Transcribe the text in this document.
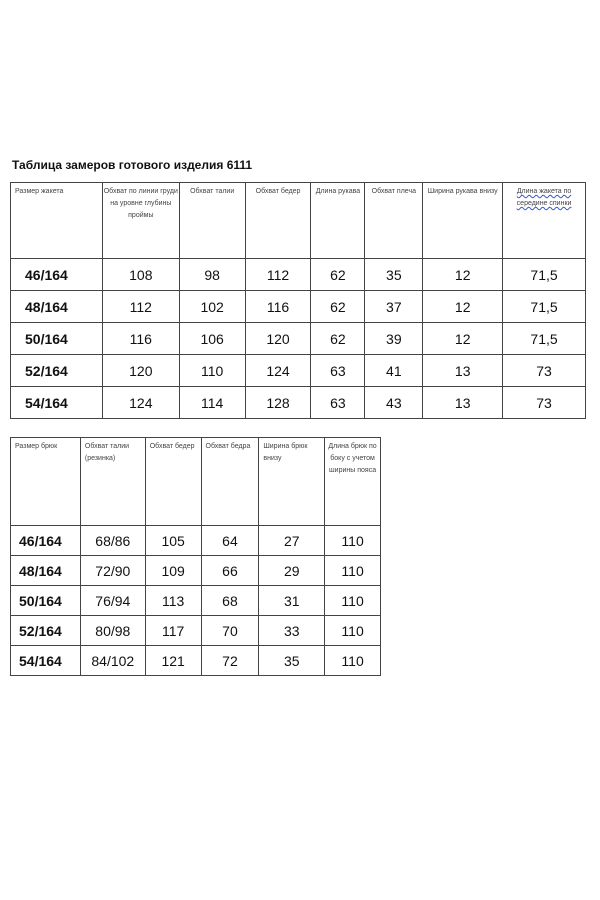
Таблица замеров готового изделия 6111
Размер жакета	Обхват по линии груди на уровне глубины проймы	Обхват талии	Обхват бедер	Длина рукава	Обхват плеча	Ширина рукава внизу	Длина жакета по середине спинки
46/164	108	98	112	62	35	12	71,5
48/164	112	102	116	62	37	12	71,5
50/164	116	106	120	62	39	12	71,5
52/164	120	110	124	63	41	13	73
54/164	124	114	128	63	43	13	73
Размер брюк	Обхват талии (резинка)	Обхват бедер	Обхват бедра	Ширина брюк внизу	Длина брюк по боку с учетом ширины пояса
46/164	68/86	105	64	27	110
48/164	72/90	109	66	29	110
50/164	76/94	113	68	31	110
52/164	80/98	117	70	33	110
54/164	84/102	121	72	35	110
